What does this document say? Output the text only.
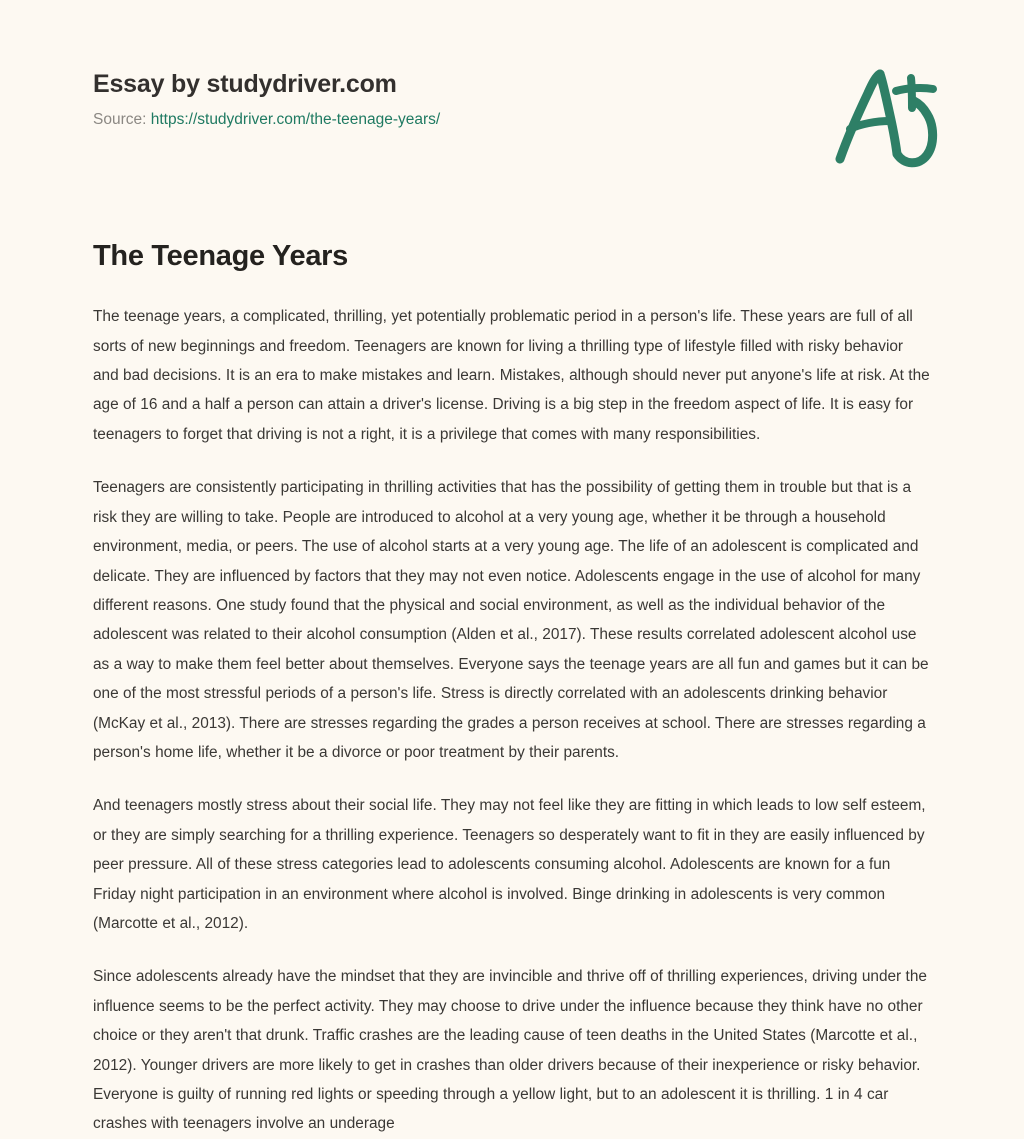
Essay by studydriver.com
Source: https://studydriver.com/the-teenage-years/
The Teenage Years

The teenage years, a complicated, thrilling, yet potentially problematic period in a person's life. These years are full of all sorts of new beginnings and freedom. Teenagers are known for living a thrilling type of lifestyle filled with risky behavior and bad decisions. It is an era to make mistakes and learn. Mistakes, although should never put anyone's life at risk. At the age of 16 and a half a person can attain a driver's license. Driving is a big step in the freedom aspect of life. It is easy for teenagers to forget that driving is not a right, it is a privilege that comes with many responsibilities.

Teenagers are consistently participating in thrilling activities that has the possibility of getting them in trouble but that is a risk they are willing to take. People are introduced to alcohol at a very young age, whether it be through a household environment, media, or peers. The use of alcohol starts at a very young age. The life of an adolescent is complicated and delicate. They are influenced by factors that they may not even notice. Adolescents engage in the use of alcohol for many different reasons. One study found that the physical and social environment, as well as the individual behavior of the adolescent was related to their alcohol consumption (Alden et al., 2017). These results correlated adolescent alcohol use as a way to make them feel better about themselves. Everyone says the teenage years are all fun and games but it can be one of the most stressful periods of a person's life. Stress is directly correlated with an adolescents drinking behavior (McKay et al., 2013). There are stresses regarding the grades a person receives at school. There are stresses regarding a person's home life, whether it be a divorce or poor treatment by their parents.

And teenagers mostly stress about their social life. They may not feel like they are fitting in which leads to low self esteem, or they are simply searching for a thrilling experience. Teenagers so desperately want to fit in they are easily influenced by peer pressure. All of these stress categories lead to adolescents consuming alcohol. Adolescents are known for a fun Friday night participation in an environment where alcohol is involved. Binge drinking in adolescents is very common (Marcotte et al., 2012).

Since adolescents already have the mindset that they are invincible and thrive off of thrilling experiences, driving under the influence seems to be the perfect activity. They may choose to drive under the influence because they think have no other choice or they aren't that drunk. Traffic crashes are the leading cause of teen deaths in the United States (Marcotte et al., 2012). Younger drivers are more likely to get in crashes than older drivers because of their inexperience or risky behavior. Everyone is guilty of running red lights or speeding through a yellow light, but to an adolescent it is thrilling. 1 in 4 car crashes with teenagers involve an underage
